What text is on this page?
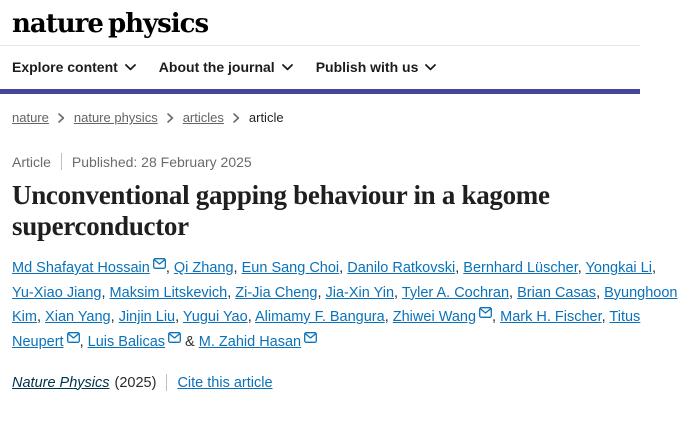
nature physics
Explore content	About the journal	Publish with us
nature nature physics articles article
Article Published: 28 February 2025
Unconventional gapping behaviour in a kagome
superconductor
Md Shafayat Hossain , Qi Zhang, Eun Sang Choi, Danilo Ratkovski, Bernhard Lüscher, Yongkai Li,
Yu-Xiao Jiang, Maksim Litskevich, Zi-Jia Cheng, Jia-Xin Yin, Tyler A. Cochran, Brian Casas, Byunghoon
Kim, Xian Yang, Jinjin Liu, Yugui Yao, Alimamy F. Bangura, Zhiwei Wang , Mark H. Fischer, Titus
Neupert , Luis Balicas & M. Zahid Hasan
Nature Physics (2025) Cite this article
